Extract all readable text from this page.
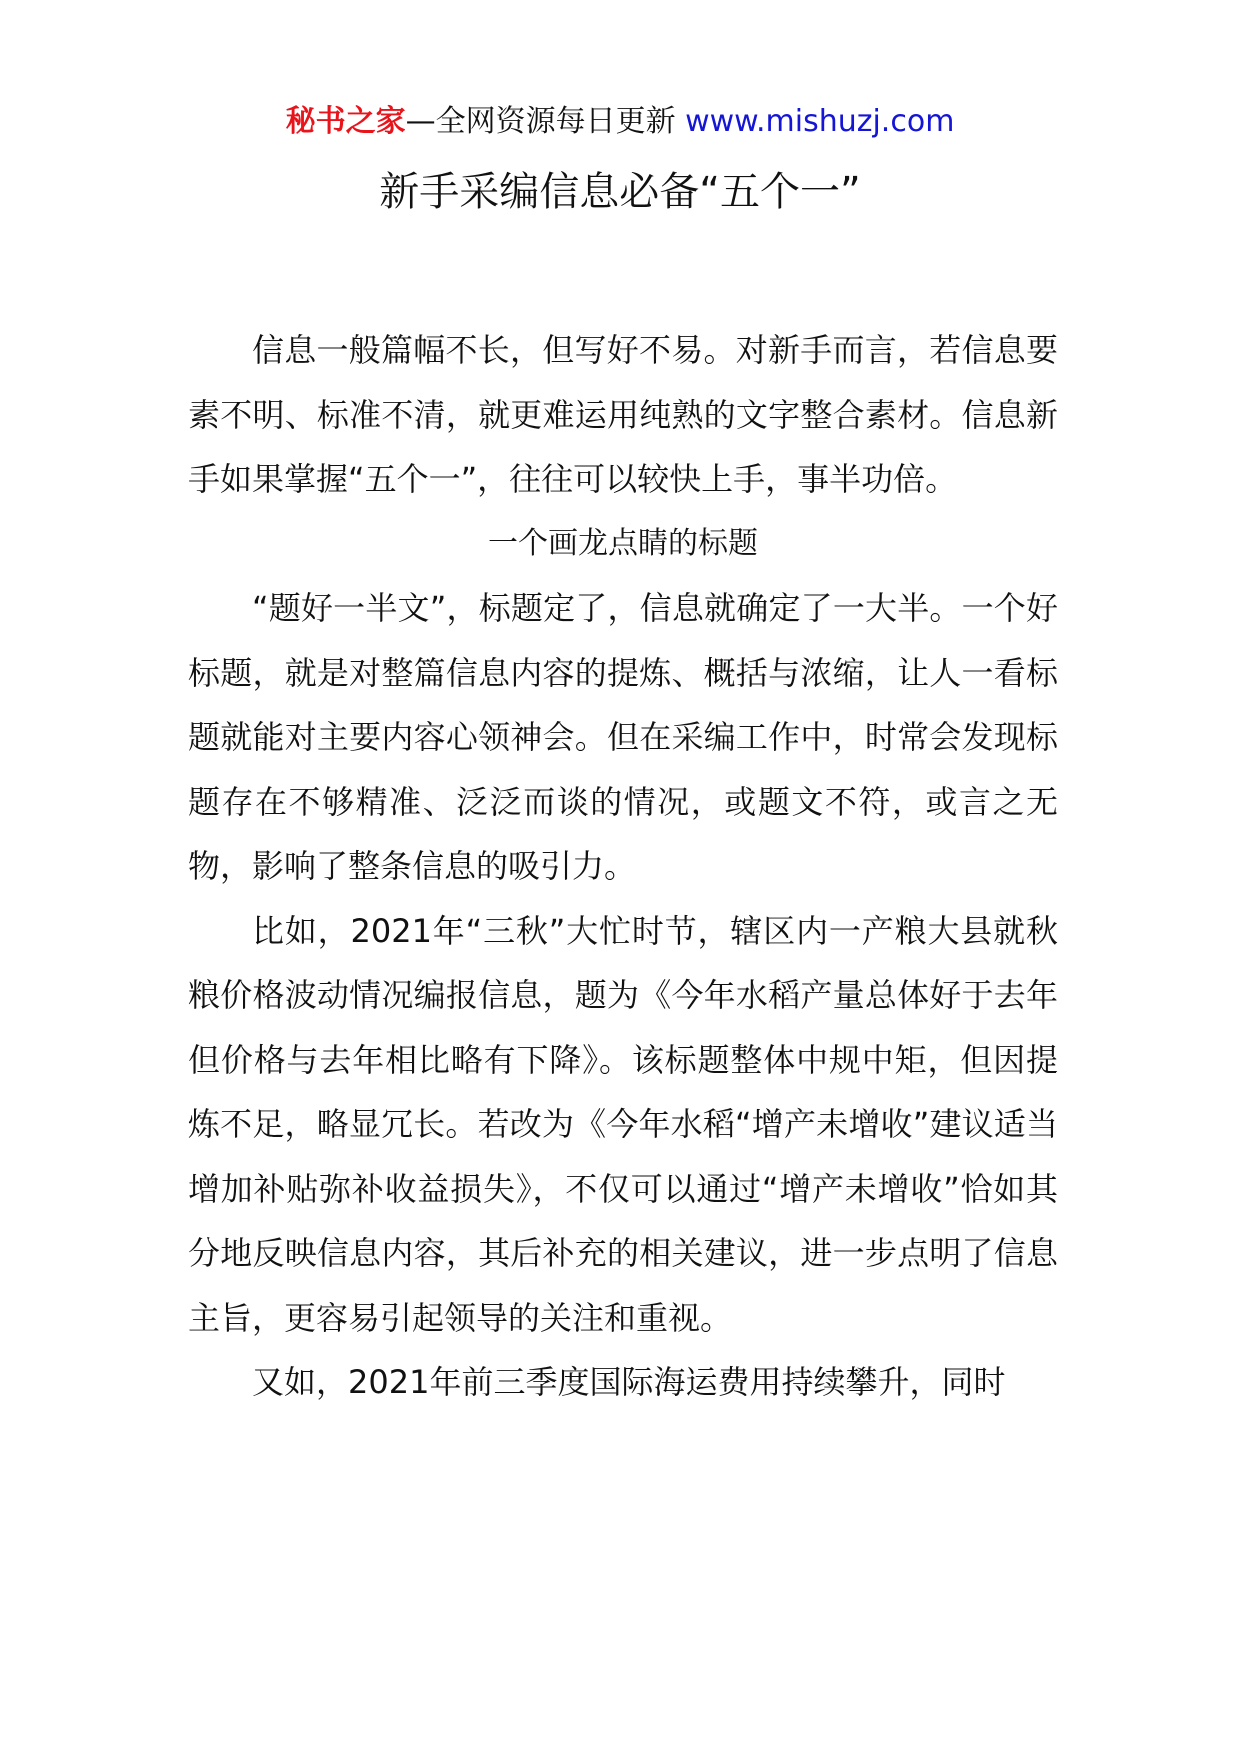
秘书之家—全网资源每日更新 www.mishuzj.com
新手采编信息必备“五个一”

信息一般篇幅不长，但写好不易。对新手而言，若信息要素不明、标准不清，就更难运用纯熟的文字整合素材。信息新手如果掌握“五个一”，往往可以较快上手，事半功倍。

一个画龙点睛的标题

“题好一半文”，标题定了，信息就确定了一大半。一个好标题，就是对整篇信息内容的提炼、概括与浓缩，让人一看标题就能对主要内容心领神会。但在采编工作中，时常会发现标题存在不够精准、泛泛而谈的情况，或题文不符，或言之无物，影响了整条信息的吸引力。

比如，2021年“三秋”大忙时节，辖区内一产粮大县就秋粮价格波动情况编报信息，题为《今年水稻产量总体好于去年但价格与去年相比略有下降》。该标题整体中规中矩，但因提炼不足，略显冗长。若改为《今年水稻“增产未增收”建议适当增加补贴弥补收益损失》，不仅可以通过“增产未增收”恰如其分地反映信息内容，其后补充的相关建议，进一步点明了信息主旨，更容易引起领导的关注和重视。

又如，2021年前三季度国际海运费用持续攀升，同时
